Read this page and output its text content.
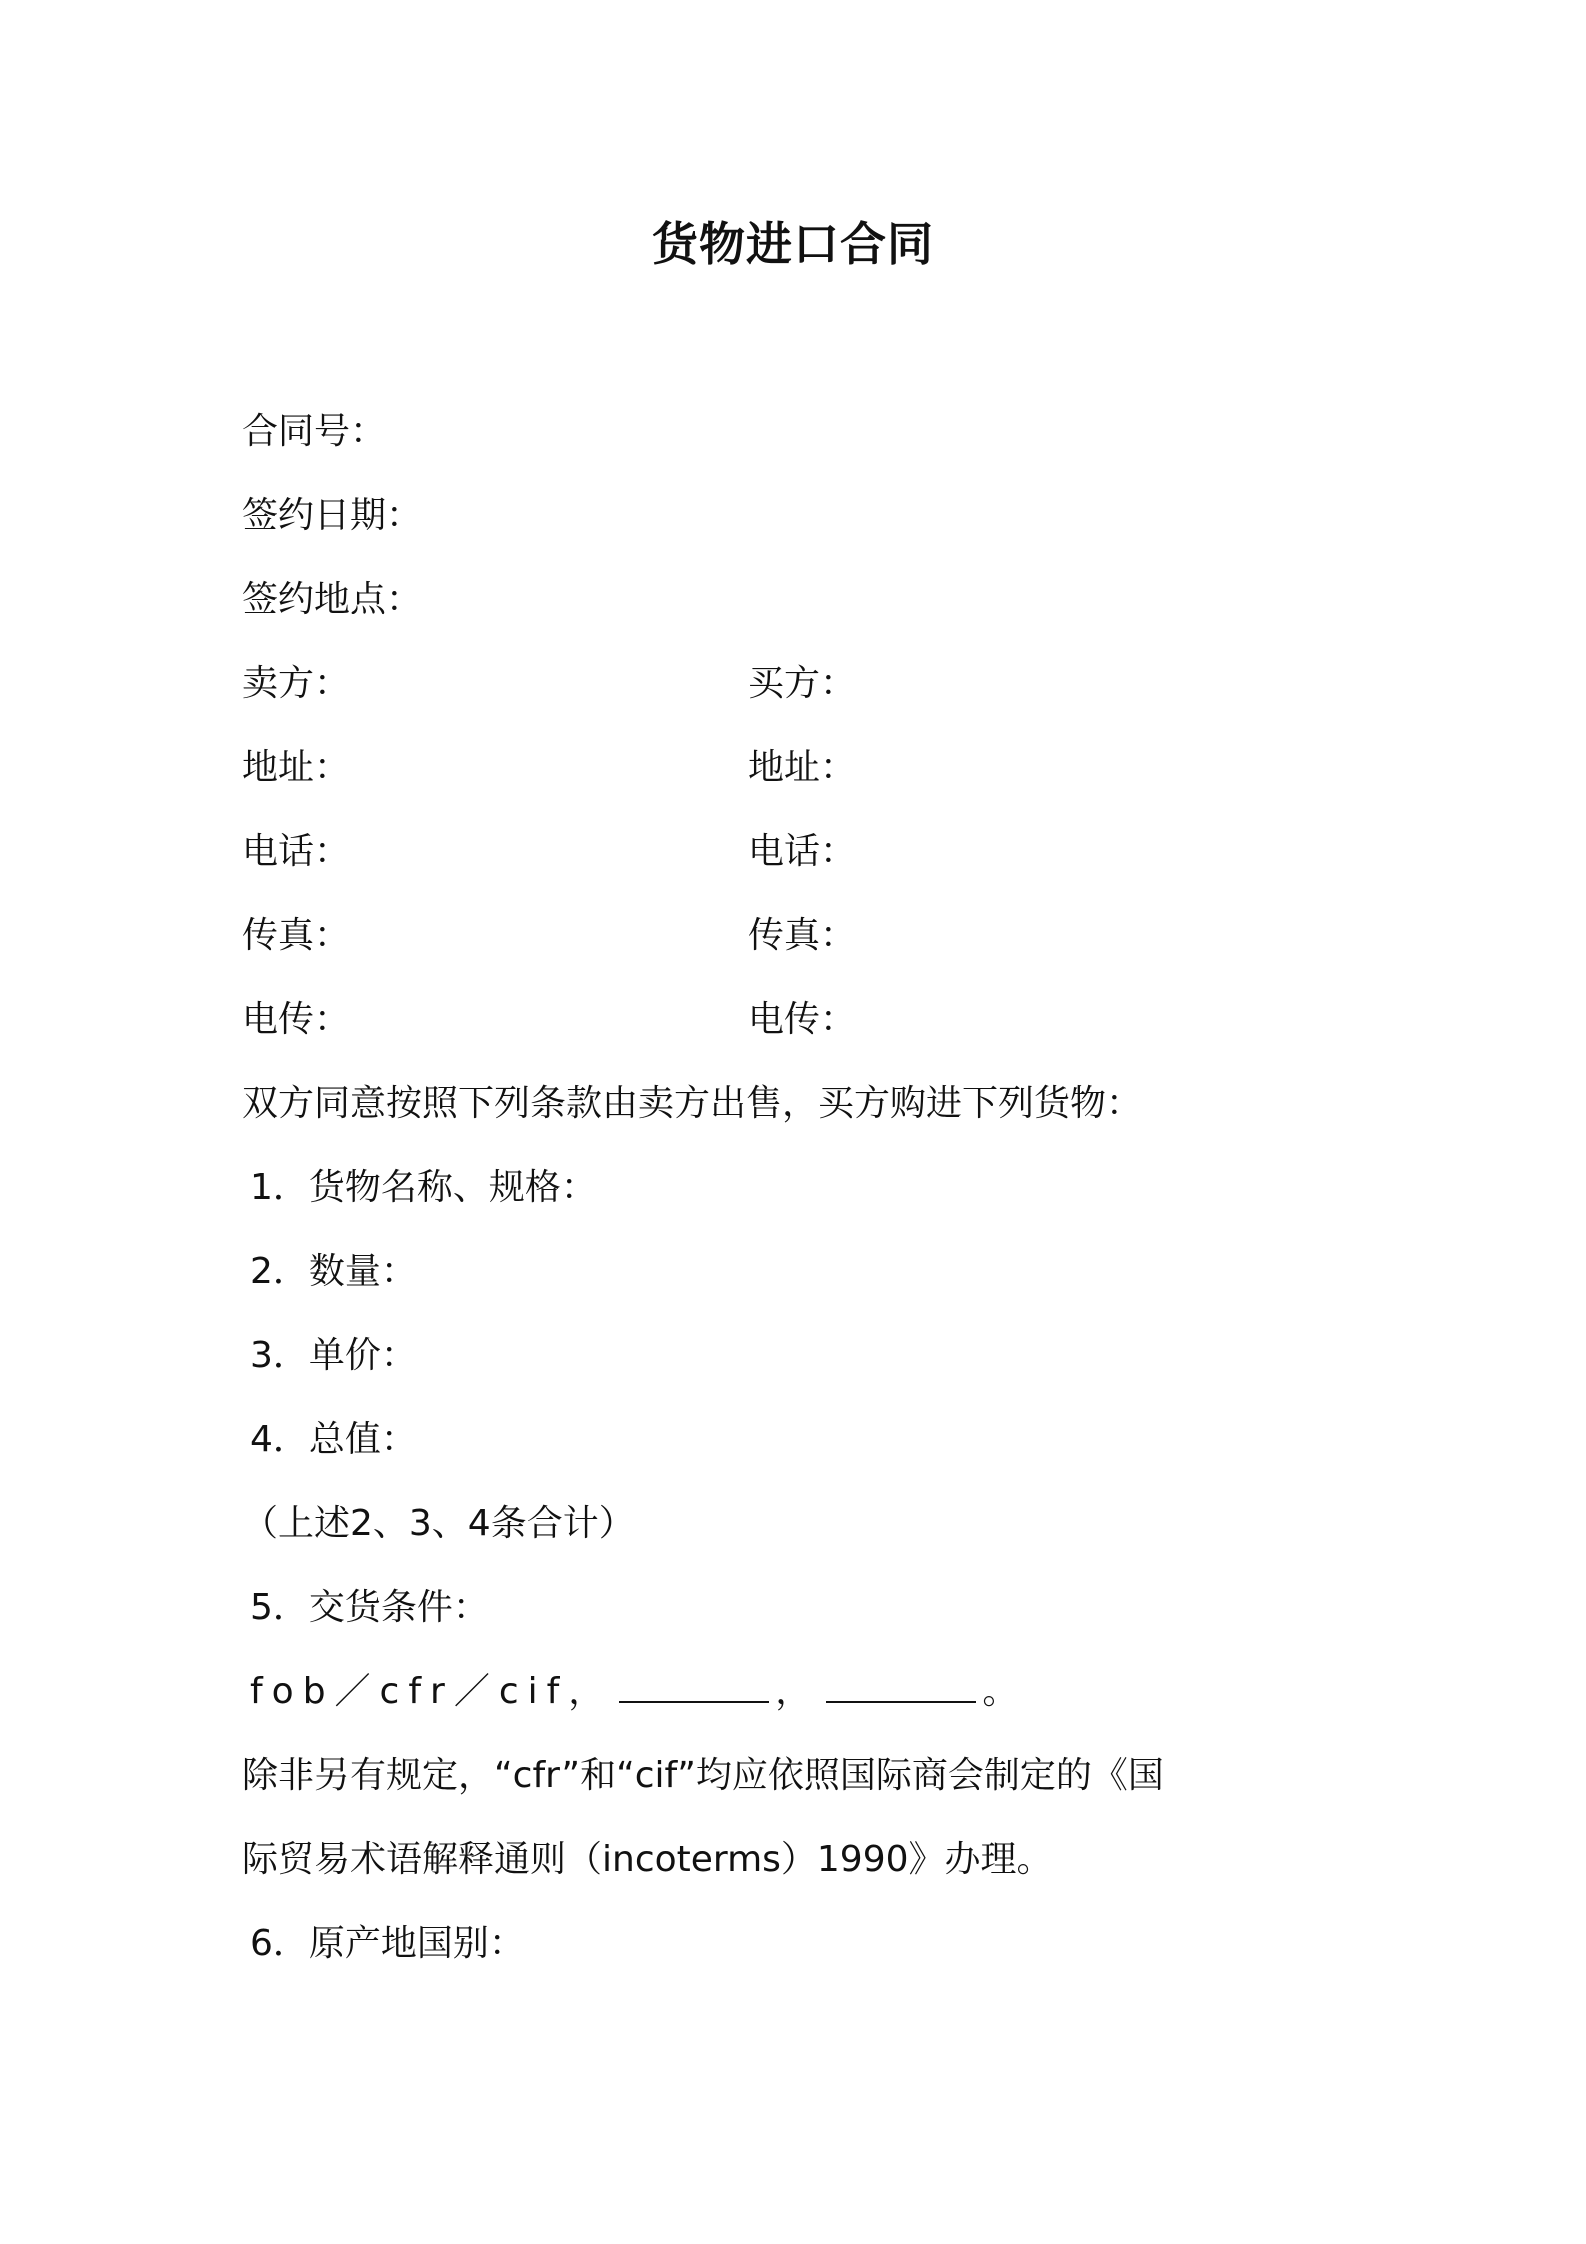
货物进口合同
合同号：
签约日期：
签约地点：
卖方：	买方：
地址：	地址：
电话：	电话：
传真：	传真：
电传：	电传：
双方同意按照下列条款由卖方出售，买方购进下列货物：
1．货物名称、规格：
2．数量：
3．单价：
4．总值：
（上述2、3、4条合计）
5．交货条件：
fob／cfr／cif，	，	。
除非另有规定，“cfr”和“cif”均应依照国际商会制定的《国
际贸易术语解释通则（incoterms）1990》办理。
6．原产地国别：
